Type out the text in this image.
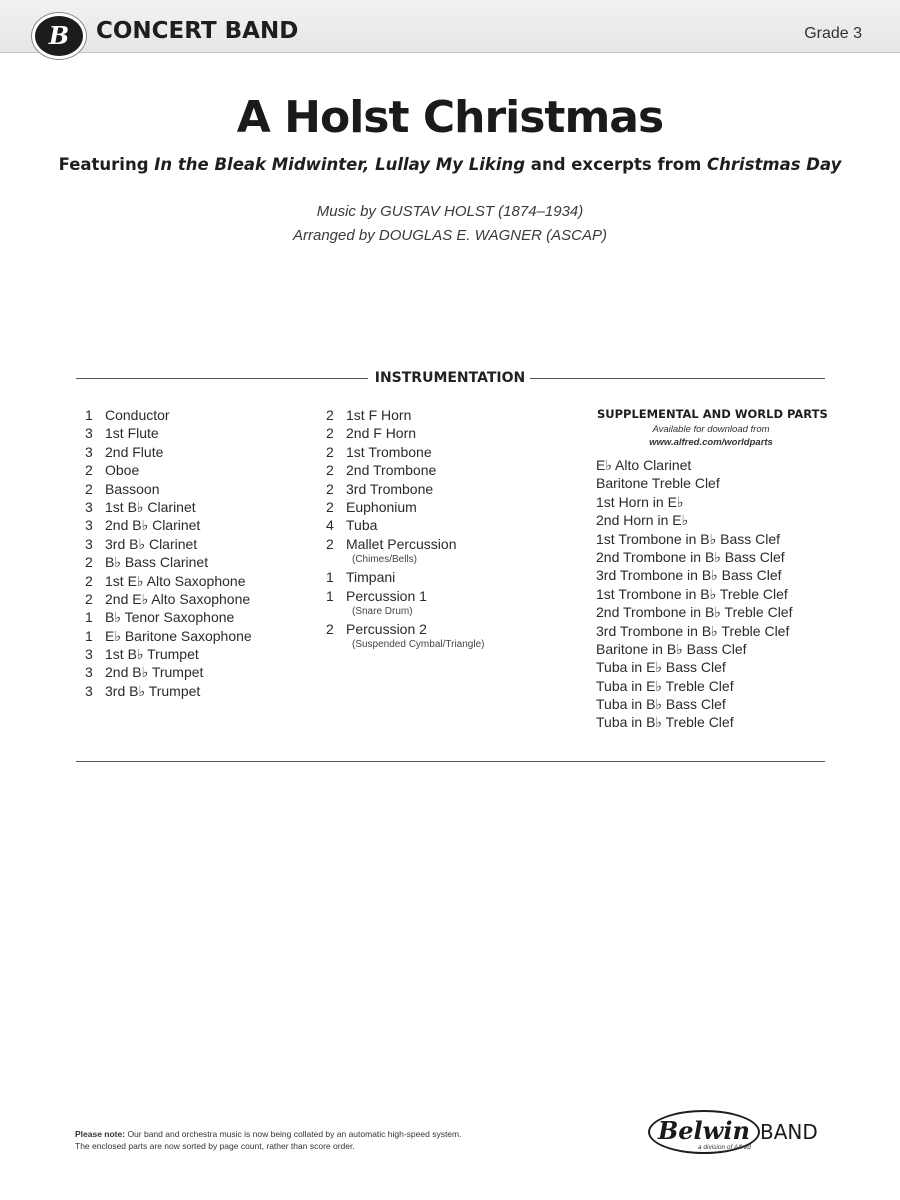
B
CONCERT BAND	Grade 3
A Holst Christmas
Featuring In the Bleak Midwinter, Lullay My Liking and excerpts from Christmas Day
Music by GUSTAV HOLST (1874–1934)
Arranged by DOUGLAS E. WAGNER (ASCAP)
INSTRUMENTATION
1 Conductor
3 1st Flute
3 2nd Flute
2 Oboe
2 Bassoon
3 1st B♭ Clarinet
3 2nd B♭ Clarinet
3 3rd B♭ Clarinet
2 B♭ Bass Clarinet
2 1st E♭ Alto Saxophone
2 2nd E♭ Alto Saxophone
1 B♭ Tenor Saxophone
1 E♭ Baritone Saxophone
3 1st B♭ Trumpet
3 2nd B♭ Trumpet
3 3rd B♭ Trumpet
2 1st F Horn
2 2nd F Horn
2 1st Trombone
2 2nd Trombone
2 3rd Trombone
2 Euphonium
4 Tuba
2 Mallet Percussion
(Chimes/Bells)
1 Timpani
1 Percussion 1
(Snare Drum)
2 Percussion 2
(Suspended Cymbal/Triangle)
SUPPLEMENTAL AND WORLD PARTS
Available for download from
www.alfred.com/worldparts
E♭ Alto Clarinet
Baritone Treble Clef
1st Horn in E♭
2nd Horn in E♭
1st Trombone in B♭ Bass Clef
2nd Trombone in B♭ Bass Clef
3rd Trombone in B♭ Bass Clef
1st Trombone in B♭ Treble Clef
2nd Trombone in B♭ Treble Clef
3rd Trombone in B♭ Treble Clef
Baritone in B♭ Bass Clef
Tuba in E♭ Bass Clef
Tuba in E♭ Treble Clef
Tuba in B♭ Bass Clef
Tuba in B♭ Treble Clef
Please note: Our band and orchestra music is now being collated by an automatic high-speed system.
The enclosed parts are now sorted by page count, rather than score order.
Belwin BAND
a division of Alfred
